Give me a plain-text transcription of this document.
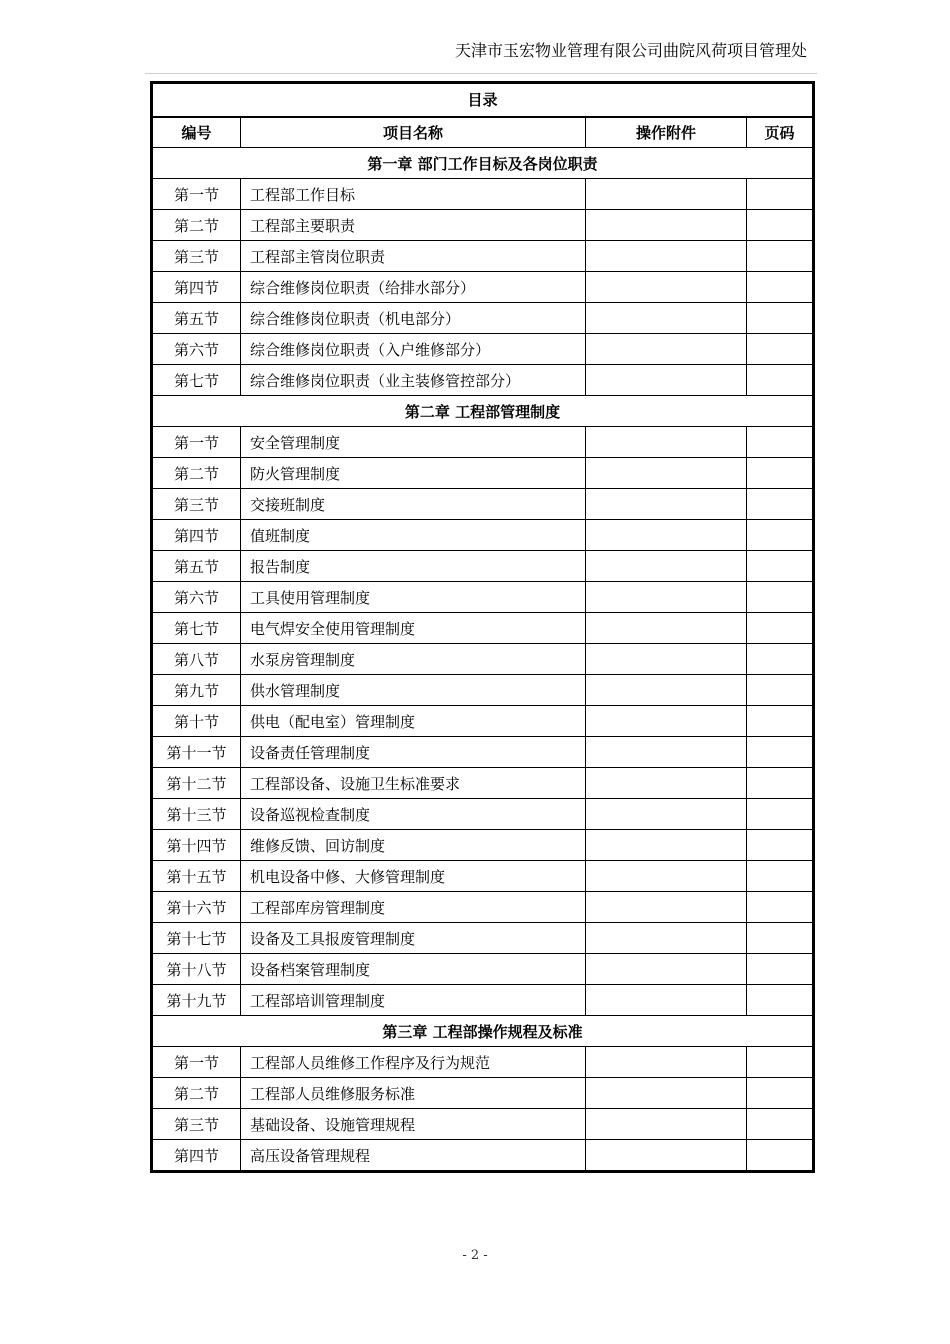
天津市玉宏物业管理有限公司曲院风荷项目管理处
目录			
编号	项目名称	操作附件	页码
第一章 部门工作目标及各岗位职责			
第一节	工程部工作目标		
第二节	工程部主要职责		
第三节	工程部主管岗位职责		
第四节	综合维修岗位职责（给排水部分）		
第五节	综合维修岗位职责（机电部分）		
第六节	综合维修岗位职责（入户维修部分）		
第七节	综合维修岗位职责（业主装修管控部分）		
第二章 工程部管理制度			
第一节	安全管理制度		
第二节	防火管理制度		
第三节	交接班制度		
第四节	值班制度		
第五节	报告制度		
第六节	工具使用管理制度		
第七节	电气焊安全使用管理制度		
第八节	水泵房管理制度		
第九节	供水管理制度		
第十节	供电（配电室）管理制度		
第十一节	设备责任管理制度		
第十二节	工程部设备、设施卫生标准要求		
第十三节	设备巡视检查制度		
第十四节	维修反馈、回访制度		
第十五节	机电设备中修、大修管理制度		
第十六节	工程部库房管理制度		
第十七节	设备及工具报废管理制度		
第十八节	设备档案管理制度		
第十九节	工程部培训管理制度		
第三章 工程部操作规程及标准			
第一节	工程部人员维修工作程序及行为规范		
第二节	工程部人员维修服务标准		
第三节	基础设备、设施管理规程		
第四节	高压设备管理规程		
- 2 -
